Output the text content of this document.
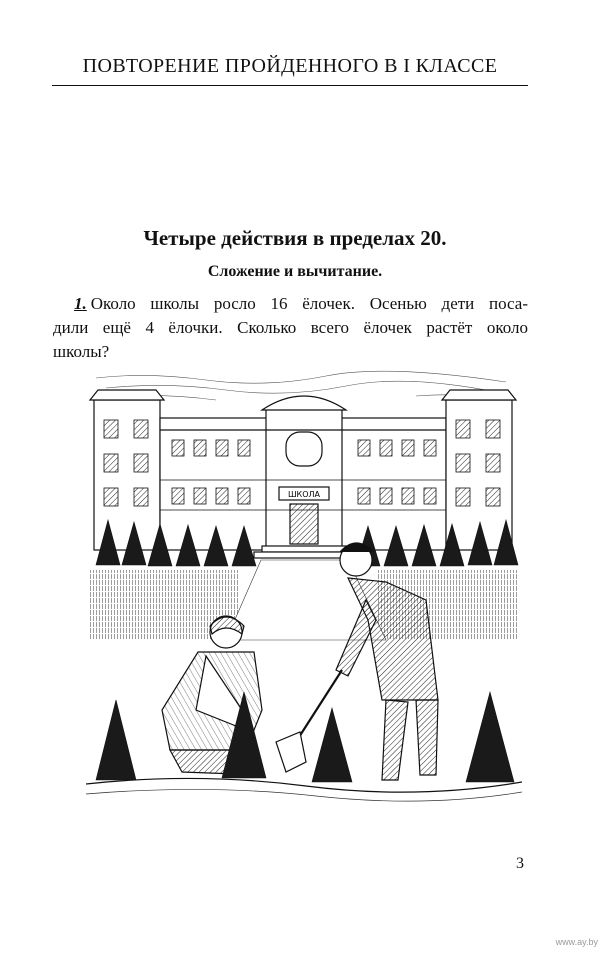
ПОВТОРЕНИЕ ПРОЙДЕННОГО В I КЛАССЕ
Четыре действия в пределах 20.
Сложение и вычитание.
1. Около школы росло 16 ёлочек. Осенью дети поса-
дили ещё 4 ёлочки. Сколько всего ёлочек растёт около
школы?
ШКОЛА
3
www.ay.by
